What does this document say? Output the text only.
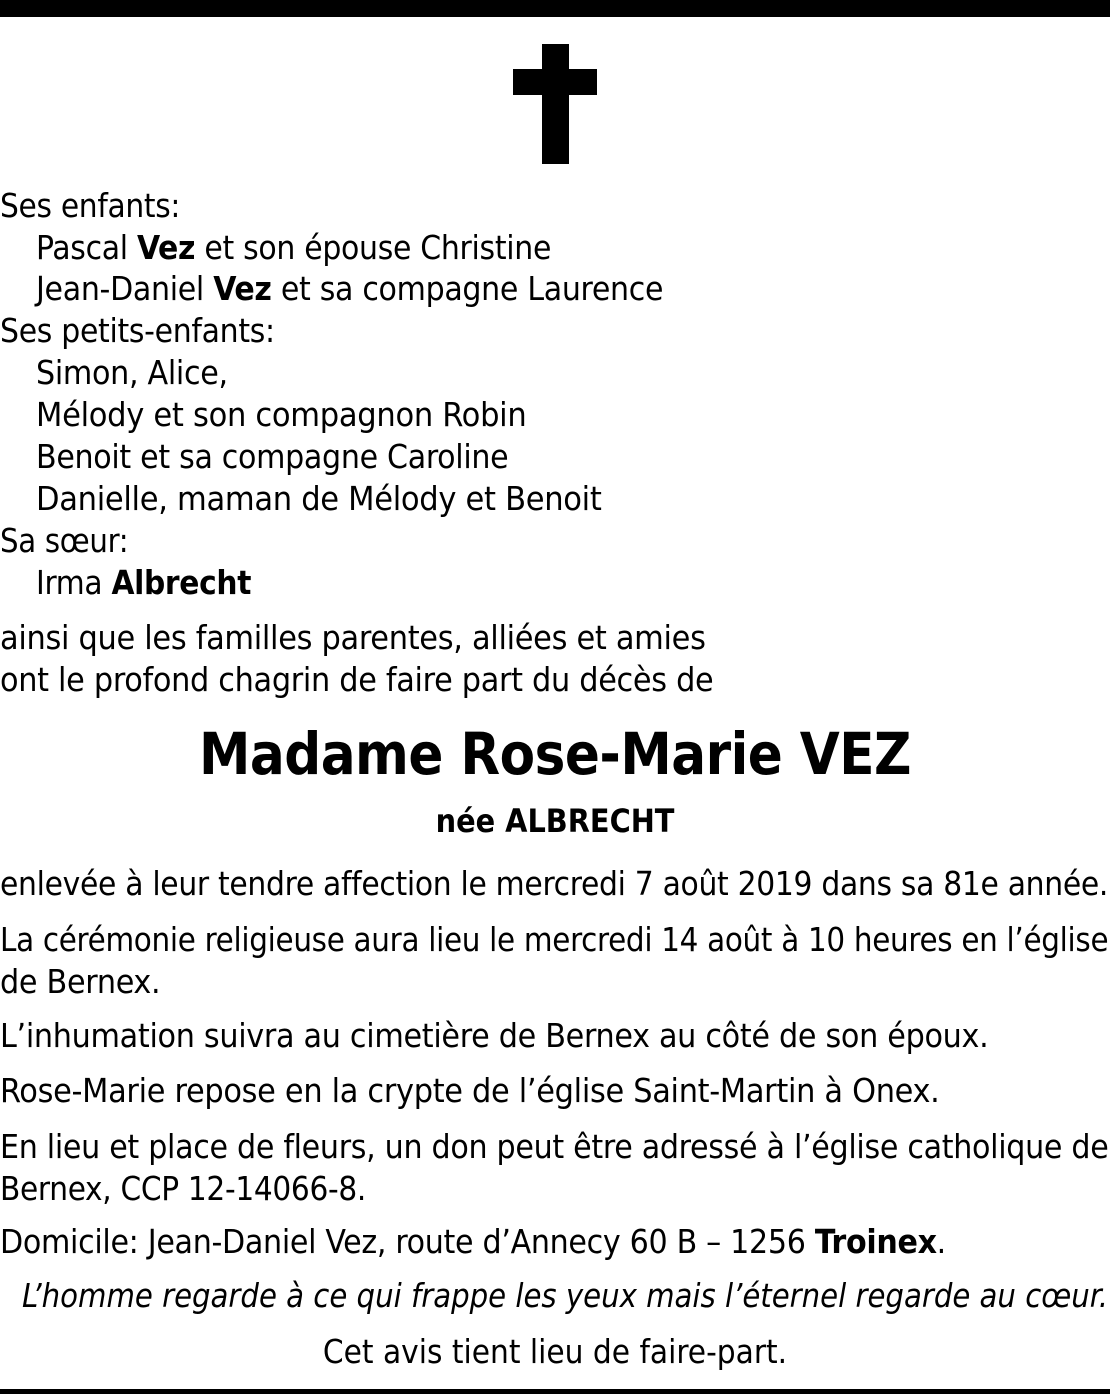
Ses enfants:
Pascal Vez et son épouse Christine
Jean-Daniel Vez et sa compagne Laurence
Ses petits-enfants:
Simon, Alice,
Mélody et son compagnon Robin
Benoit et sa compagne Caroline
Danielle, maman de Mélody et Benoit
Sa sœur:
Irma Albrecht
ainsi que les familles parentes, alliées et amies
ont le profond chagrin de faire part du décès de
Madame Rose-Marie VEZ
née ALBRECHT
enlevée à leur tendre affection le mercredi 7 août 2019 dans sa 81e année.
La cérémonie religieuse aura lieu le mercredi 14 août à 10 heures en l’église
de Bernex.
L’inhumation suivra au cimetière de Bernex au côté de son époux.
Rose-Marie repose en la crypte de l’église Saint-Martin à Onex.
En lieu et place de fleurs, un don peut être adressé à l’église catholique de
Bernex, CCP 12-14066-8.
Domicile: Jean-Daniel Vez, route d’Annecy 60 B – 1256 Troinex.
L’homme regarde à ce qui frappe les yeux mais l’éternel regarde au cœur.
Cet avis tient lieu de faire-part.
